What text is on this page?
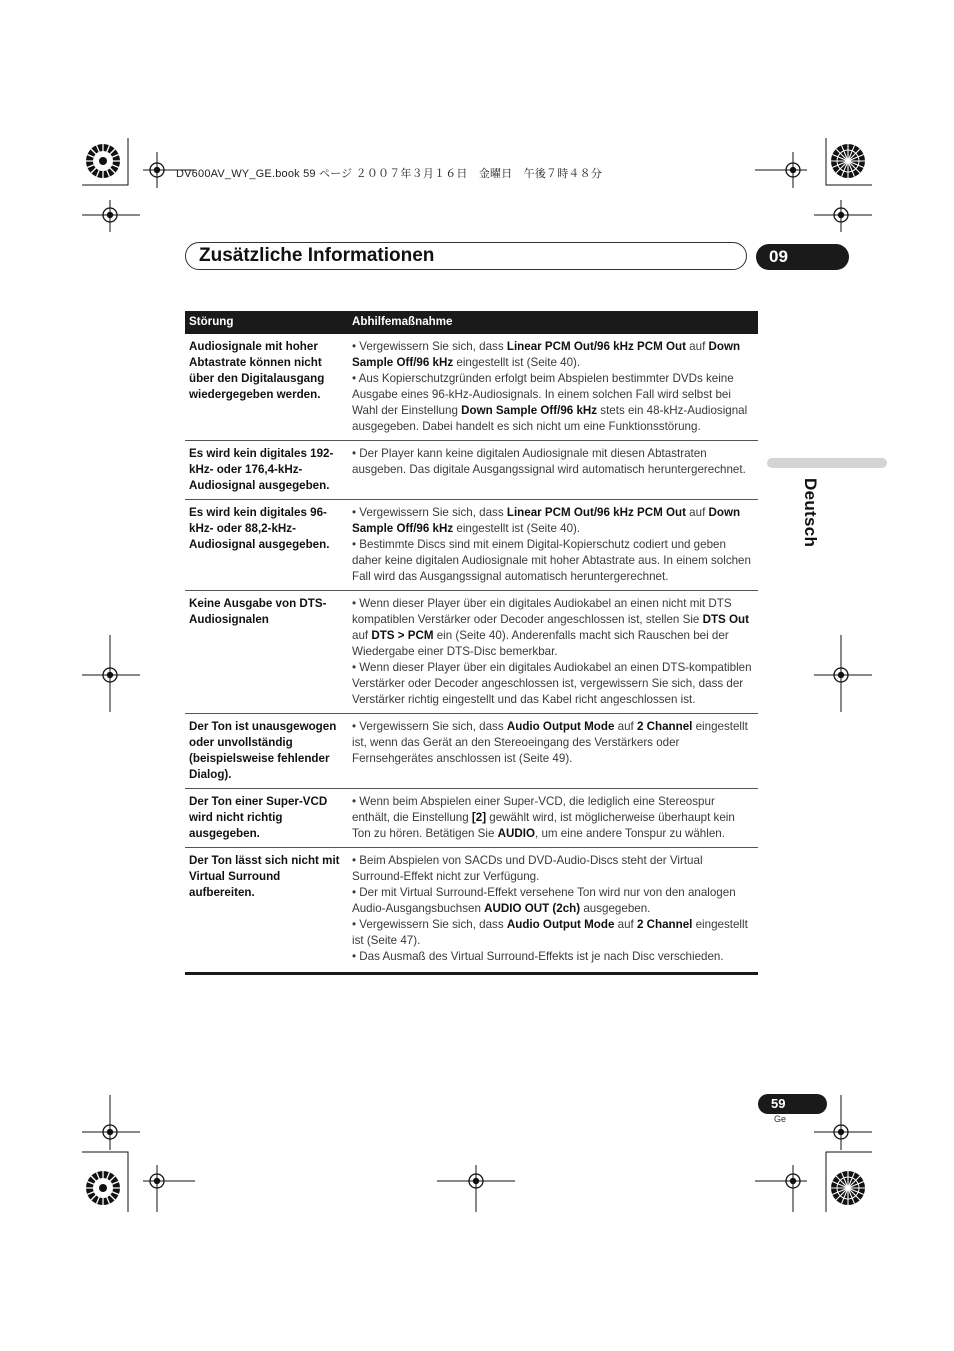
DV600AV_WY_GE.book 59 ページ ２００７年３月１６日　金曜日　午後７時４８分
Zusätzliche Informationen	09
Deutsch
Störung	Abhilfemaßnahme
Audiosignale mit hoher Abtastrate können nicht über den Digitalausgang wiedergegeben werden.	• Vergewissern Sie sich, dass Linear PCM Out/96 kHz PCM Out auf Down Sample Off/96 kHz eingestellt ist (Seite 40).
• Aus Kopierschutzgründen erfolgt beim Abspielen bestimmter DVDs keine Ausgabe eines 96-kHz-Audiosignals. In einem solchen Fall wird selbst bei Wahl der Einstellung Down Sample Off/96 kHz stets ein 48-kHz-Audiosignal ausgegeben. Dabei handelt es sich nicht um eine Funktionsstörung.

Es wird kein digitales 192-kHz- oder 176,4-kHz-Audiosignal ausgegeben.	• Der Player kann keine digitalen Audiosignale mit diesen Abtastraten ausgeben. Das digitale Ausgangssignal wird automatisch heruntergerechnet.

Es wird kein digitales 96-kHz- oder 88,2-kHz-Audiosignal ausgegeben.	• Vergewissern Sie sich, dass Linear PCM Out/96 kHz PCM Out auf Down Sample Off/96 kHz eingestellt ist (Seite 40).
• Bestimmte Discs sind mit einem Digital-Kopierschutz codiert und geben daher keine digitalen Audiosignale mit hoher Abtastrate aus. In einem solchen Fall wird das Ausgangssignal automatisch heruntergerechnet.

Keine Ausgabe von DTS-Audiosignalen	• Wenn dieser Player über ein digitales Audiokabel an einen nicht mit DTS kompatiblen Verstärker oder Decoder angeschlossen ist, stellen Sie DTS Out auf DTS > PCM ein (Seite 40). Anderenfalls macht sich Rauschen bei der Wiedergabe einer DTS-Disc bemerkbar.
• Wenn dieser Player über ein digitales Audiokabel an einen DTS-kompatiblen Verstärker oder Decoder angeschlossen ist, vergewissern Sie sich, dass der Verstärker richtig eingestellt und das Kabel richt angeschlossen ist.

Der Ton ist unausgewogen oder unvollständig (beispielsweise fehlender Dialog).	• Vergewissern Sie sich, dass Audio Output Mode auf 2 Channel eingestellt ist, wenn das Gerät an den Stereoeingang des Verstärkers oder Fernsehgerätes anschlossen ist (Seite 49).

Der Ton einer Super-VCD wird nicht richtig ausgegeben.	• Wenn beim Abspielen einer Super-VCD, die lediglich eine Stereospur enthält, die Einstellung [2] gewählt wird, ist möglicherweise überhaupt kein Ton zu hören. Betätigen Sie AUDIO, um eine andere Tonspur zu wählen.

Der Ton lässt sich nicht mit Virtual Surround aufbereiten.	• Beim Abspielen von SACDs und DVD-Audio-Discs steht der Virtual Surround-Effekt nicht zur Verfügung.
• Der mit Virtual Surround-Effekt versehene Ton wird nur von den analogen Audio-Ausgangsbuchsen AUDIO OUT (2ch) ausgegeben.
• Vergewissern Sie sich, dass Audio Output Mode auf 2 Channel eingestellt ist (Seite 47).
• Das Ausmaß des Virtual Surround-Effekts ist je nach Disc verschieden.
59
Ge
